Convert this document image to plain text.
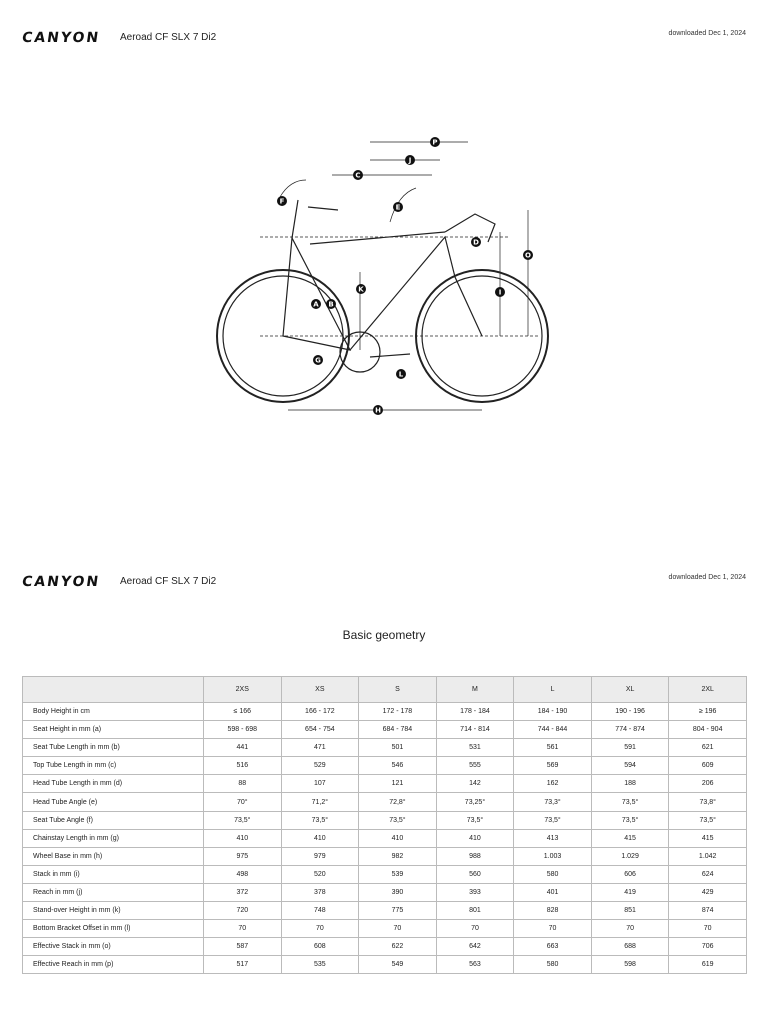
CANYON Aeroad CF SLX 7 Di2	downloaded Dec 1, 2024
P
J
C
F
E
D
O
K	I
A B
G
L
H
CANYON Aeroad CF SLX 7 Di2	downloaded Dec 1, 2024
Basic geometry
	2XS	XS	S	M	L	XL	2XL
Body Height in cm	≤ 166	166 - 172	172 - 178	178 - 184	184 - 190	190 - 196	≥ 196
Seat Height in mm (a)	598 - 698	654 - 754	684 - 784	714 - 814	744 - 844	774 - 874	804 - 904
Seat Tube Length in mm (b)	441	471	501	531	561	591	621
Top Tube Length in mm (c)	516	529	546	555	569	594	609
Head Tube Length in mm (d)	88	107	121	142	162	188	206
Head Tube Angle (e)	70°	71,2°	72,8°	73,25°	73,3°	73,5°	73,8°
Seat Tube Angle (f)	73,5°	73,5°	73,5°	73,5°	73,5°	73,5°	73,5°
Chainstay Length in mm (g)	410	410	410	410	413	415	415
Wheel Base in mm (h)	975	979	982	988	1.003	1.029	1.042
Stack in mm (i)	498	520	539	560	580	606	624
Reach in mm (j)	372	378	390	393	401	419	429
Stand-over Height in mm (k)	720	748	775	801	828	851	874
Bottom Bracket Offset in mm (l)	70	70	70	70	70	70	70
Effective Stack in mm (o)	587	608	622	642	663	688	706
Effective Reach in mm (p)	517	535	549	563	580	598	619
